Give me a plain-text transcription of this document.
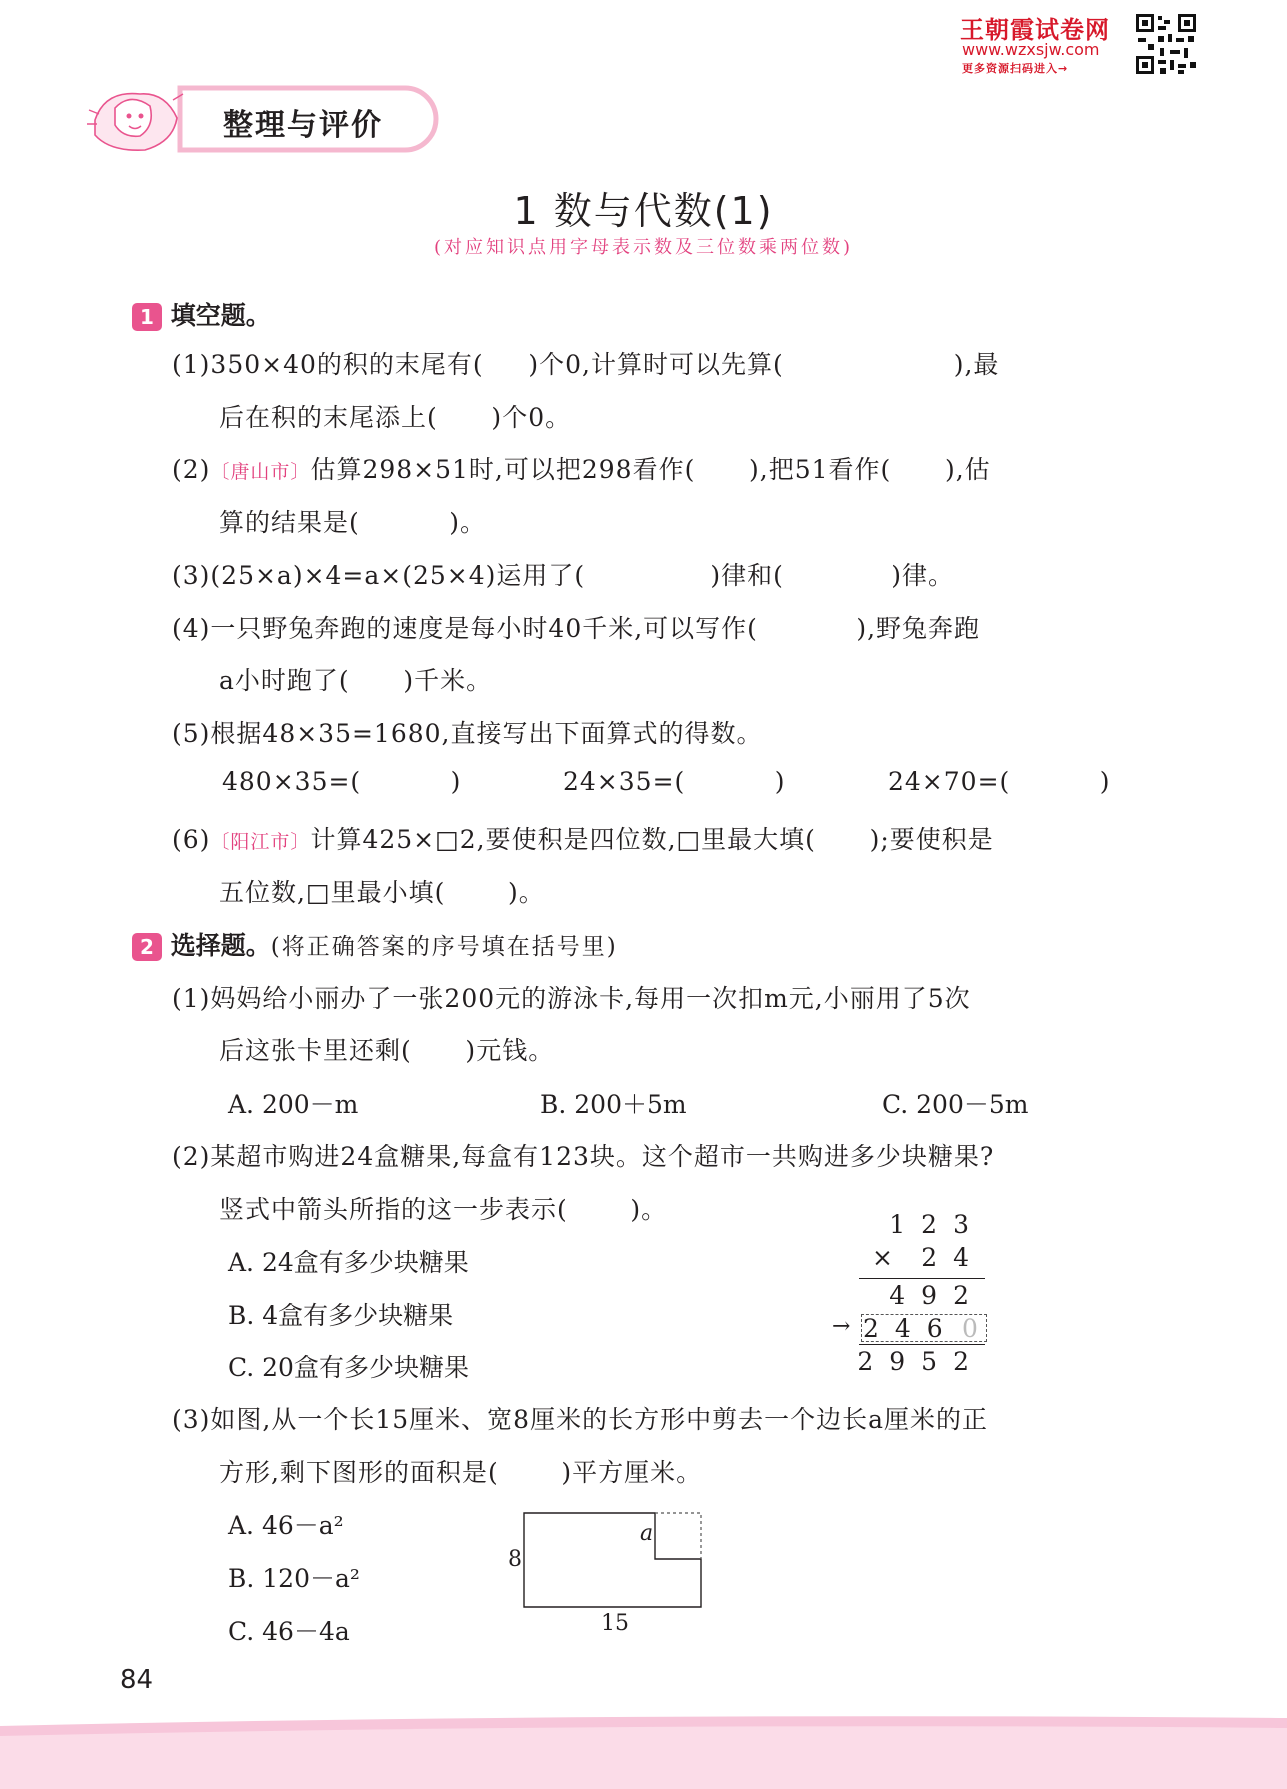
王朝霞试卷网
www.wzxsjw.com
更多资源扫码进入→
整理与评价
1 数与代数(1)
(对应知识点用字母表示数及三位数乘两位数)
1 填空题。
(1)350×40的积的末尾有(     )个0,计算时可以先算(                   ),最
后在积的末尾添上(      )个0。
(2)〔唐山市〕估算298×51时,可以把298看作(      ),把51看作(      ),估
算的结果是(          )。
(3)(25×a)×4=a×(25×4)运用了(              )律和(            )律。
(4)一只野兔奔跑的速度是每小时40千米,可以写作(           ),野兔奔跑
a小时跑了(      )千米。
(5)根据48×35=1680,直接写出下面算式的得数。
480×35=(          )	24×35=(          )	24×70=(          )
(6)〔阳江市〕计算425×□2,要使积是四位数,□里最大填(      );要使积是
五位数,□里最小填(       )。
2 选择题。(将正确答案的序号填在括号里)
(1)妈妈给小丽办了一张200元的游泳卡,每用一次扣m元,小丽用了5次
后这张卡里还剩(      )元钱。
A. 200－m	B. 200＋5m	C. 200－5m
(2)某超市购进24盒糖果,每盒有123块。这个超市一共购进多少块糖果?
竖式中箭头所指的这一步表示(       )。
A. 24盒有多少块糖果
B. 4盒有多少块糖果
C. 20盒有多少块糖果
123
24
×
492
→ 246 0
2952
(3)如图,从一个长15厘米、宽8厘米的长方形中剪去一个边长a厘米的正
方形,剩下图形的面积是(       )平方厘米。
A. 46－a²
B. 120－a²
C. 46－4a
8
15
a
84
